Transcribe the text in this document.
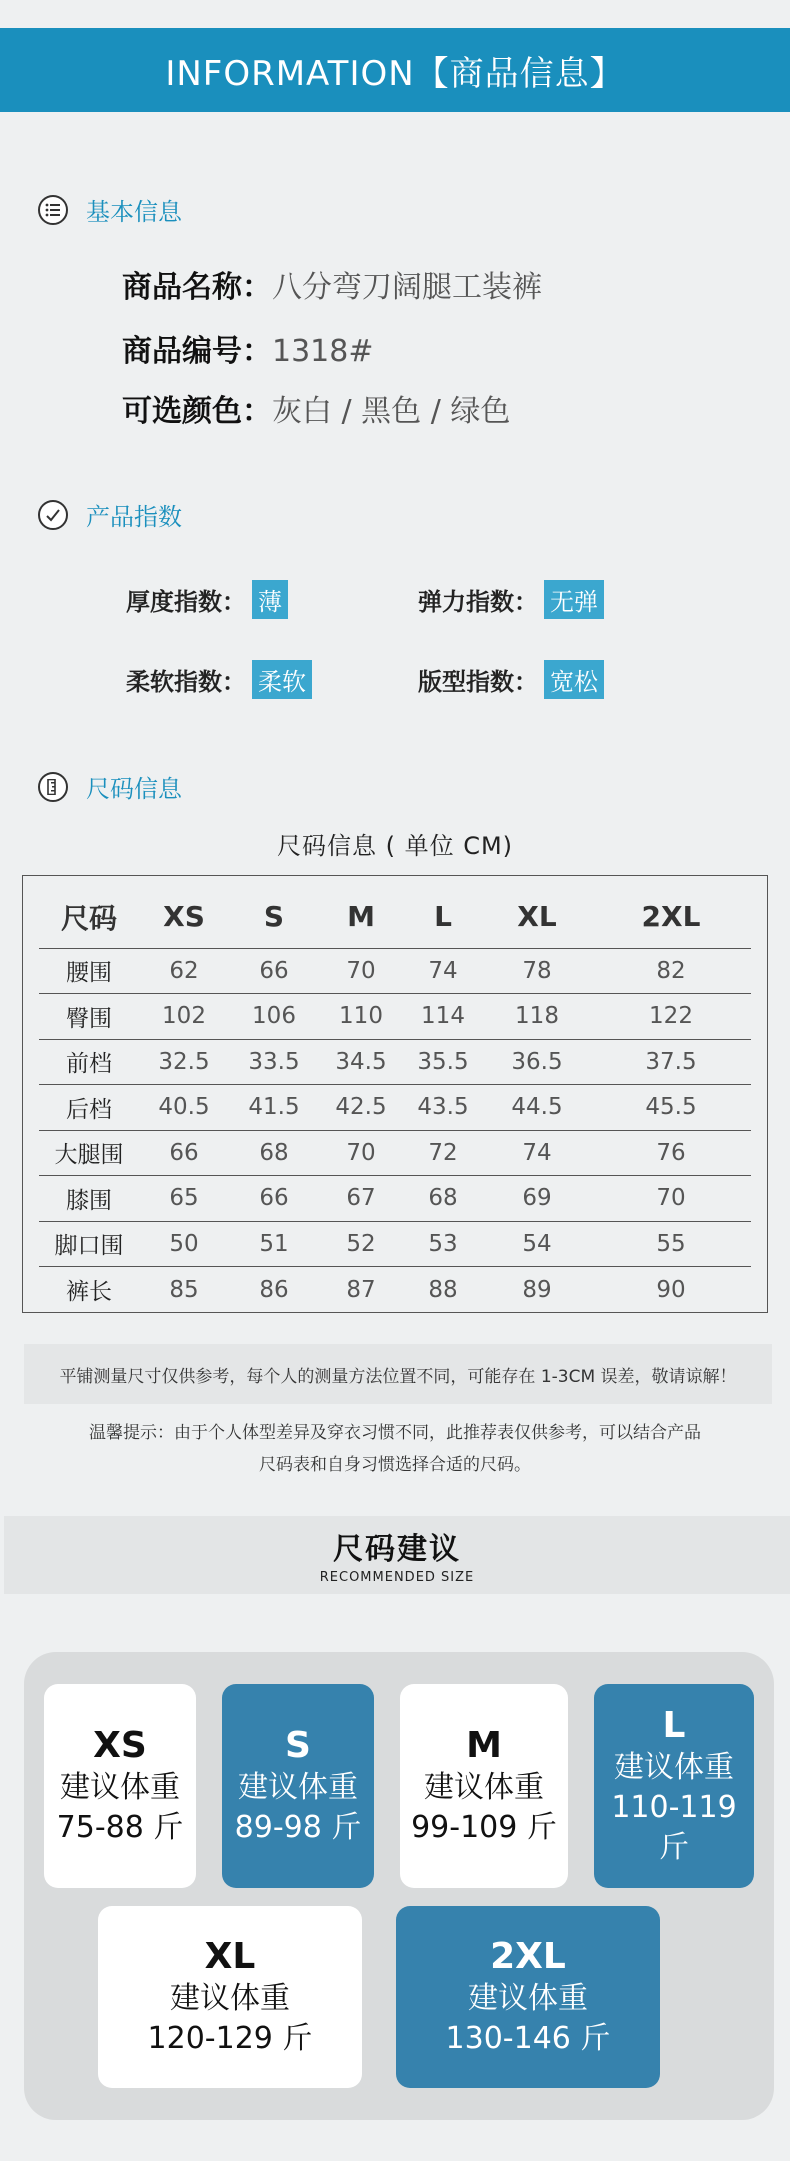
INFORMATION【商品信息】
基本信息
商品名称：八分弯刀阔腿工装裤
商品编号：1318#
可选颜色：灰白 / 黑色 / 绿色
产品指数
厚度指数： 薄	弹力指数： 无弹
柔软指数： 柔软	版型指数： 宽松
尺码信息
尺码信息 ( 单位 CM)
尺码	XS	S	M	L	XL	2XL
腰围	62	66	70	74	78	82
臀围	102	106	110	114	118	122
前档	32.5	33.5	34.5	35.5	36.5	37.5
后档	40.5	41.5	42.5	43.5	44.5	45.5
大腿围	66	68	70	72	74	76
膝围	65	66	67	68	69	70
脚口围	50	51	52	53	54	55
裤长	85	86	87	88	89	90
平铺测量尺寸仅供参考，每个人的测量方法位置不同，可能存在 1-3CM 误差，敬请谅解！
温馨提示：由于个人体型差异及穿衣习惯不同，此推荐表仅供参考，可以结合产品
尺码表和自身习惯选择合适的尺码。
尺码建议
RECOMMENDED SIZE
XS
建议体重
75-88 斤
S
建议体重
89-98 斤
M
建议体重
99-109 斤
L
建议体重
110-119 斤
XL
建议体重
120-129 斤
2XL
建议体重
130-146 斤
